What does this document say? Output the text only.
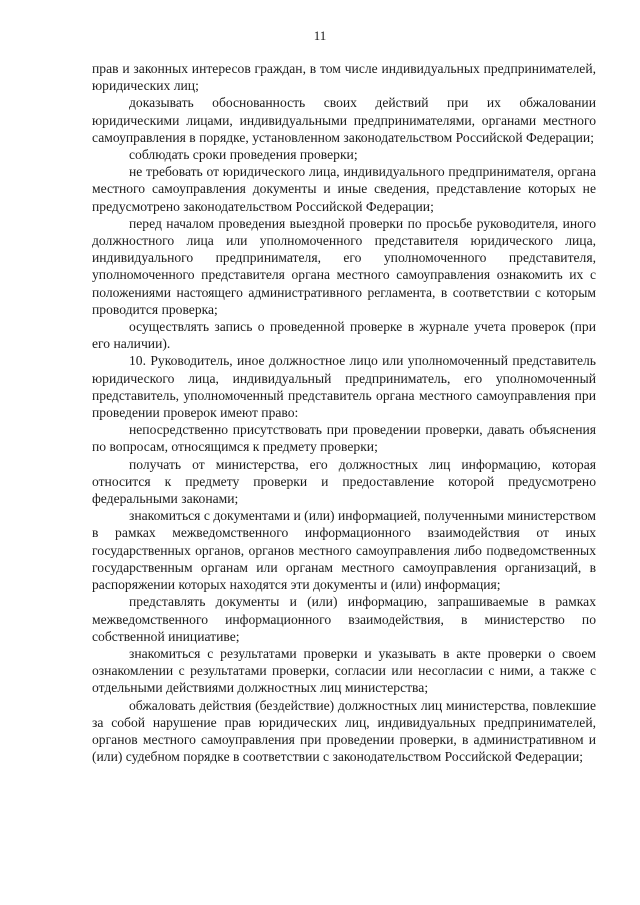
11

прав и законных интересов граждан, в том числе индивидуальных предпринимателей, юридических лиц;

доказывать обоснованность своих действий при их обжаловании юридическими лицами, индивидуальными предпринимателями, органами местного самоуправления в порядке, установленном законодательством Российской Федерации;

соблюдать сроки проведения проверки;

не требовать от юридического лица, индивидуального предпринимателя, органа местного самоуправления документы и иные сведения, представление которых не предусмотрено законодательством Российской Федерации;

перед началом проведения выездной проверки по просьбе руководителя, иного должностного лица или уполномоченного представителя юридического лица, индивидуального предпринимателя, его уполномоченного представителя, уполномоченного представителя органа местного самоуправления ознакомить их с положениями настоящего административного регламента, в соответствии с которым проводится проверка;

осуществлять запись о проведенной проверке в журнале учета проверок (при его наличии).

10. Руководитель, иное должностное лицо или уполномоченный представитель юридического лица, индивидуальный предприниматель, его уполномоченный представитель, уполномоченный представитель органа местного самоуправления при проведении проверок имеют право:

непосредственно присутствовать при проведении проверки, давать объяснения по вопросам, относящимся к предмету проверки;

получать от министерства, его должностных лиц информацию, которая относится к предмету проверки и предоставление которой предусмотрено федеральными законами;

знакомиться с документами и (или) информацией, полученными министерством в рамках межведомственного информационного взаимодействия от иных государственных органов, органов местного самоуправления либо подведомственных государственным органам или органам местного самоуправления организаций, в распоряжении которых находятся эти документы и (или) информация;

представлять документы и (или) информацию, запрашиваемые в рамках межведомственного информационного взаимодействия, в министерство по собственной инициативе;

знакомиться с результатами проверки и указывать в акте проверки о своем ознакомлении с результатами проверки, согласии или несогласии с ними, а также с отдельными действиями должностных лиц министерства;

обжаловать действия (бездействие) должностных лиц министерства, повлекшие за собой нарушение прав юридических лиц, индивидуальных предпринимателей, органов местного самоуправления при проведении проверки, в административном и (или) судебном порядке в соответствии с законодательством Российской Федерации;
